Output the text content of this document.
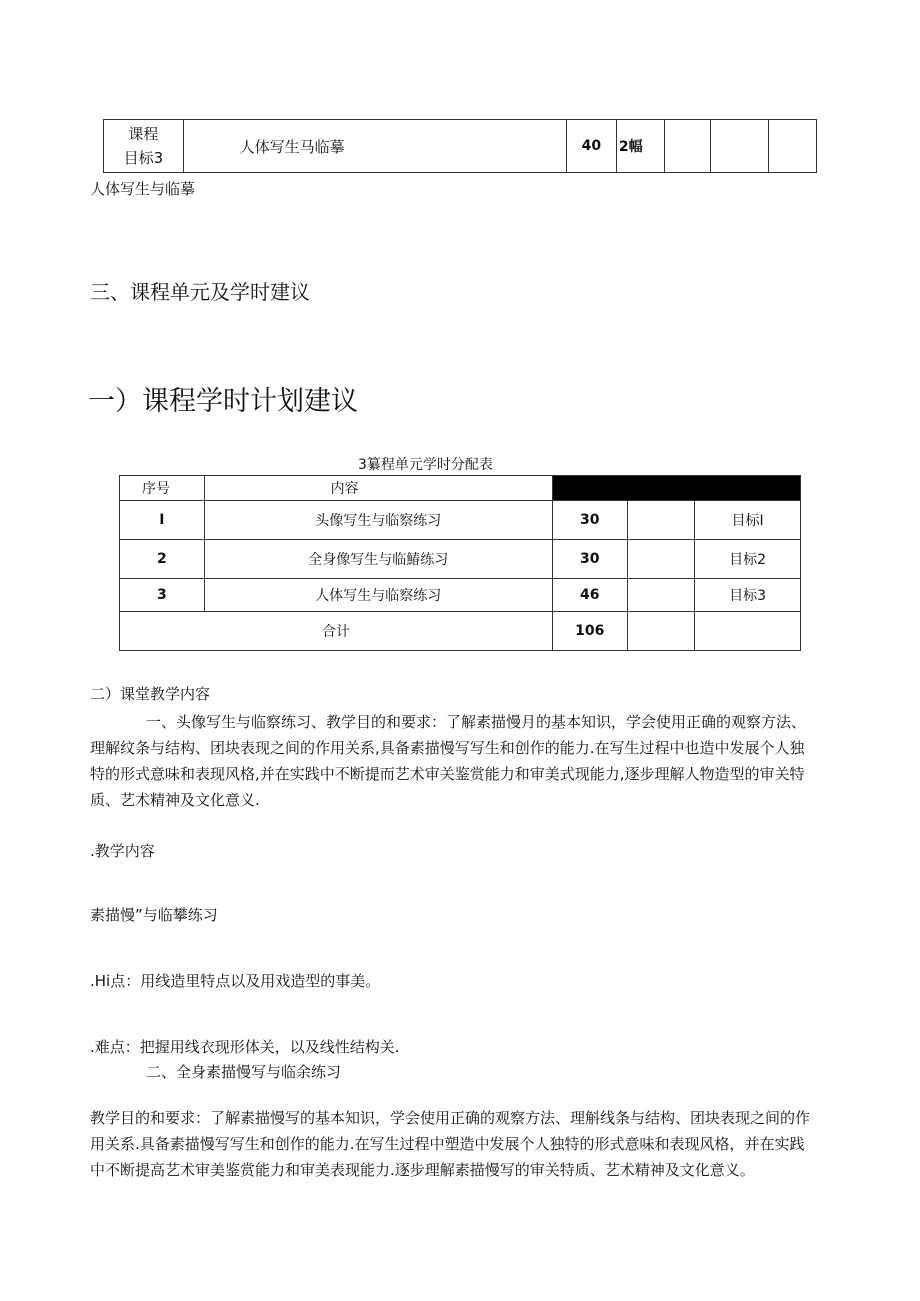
课程
目标3	人体写生马临摹	40	2幅			
人体写生与临摹
三、课程单元及学时建议
一）课程学时计划建议
3纂程单元学时分配表
序号	内容			
I	头像写生与临察练习	30		目标I
2	全身像写生与临鰆练习	30		目标2
3	人体写生与临察练习	46		目标3
合计		106		
二）课堂教学内容
一、头像写生与临察练习、教学目的和要求：了解素描慢月的基本知识，学会使用正确的观察方法、
理解纹条与结构、团块表现之间的作用关系,具备素描慢写写生和创作的能力.在写生过程中也造中发展个人独
特的形式意味和表现风格,并在实践中不断提而艺术审关鉴赏能力和审美式现能力,逐步理解人物造型的审关特
质、艺术精神及文化意义.
.教学内容
素描慢”与临攀练习
.Hi点：用线造里特点以及用戏造型的事美。
.难点：把握用线衣现形体关，以及线性结构关.
二、全身素描慢写与临余练习
教学目的和要求：了解素描慢写的基本知识，学会使用正确的观察方法、理斛线条与结构、团块表现之间的作
用关系.具备素描慢写写生和创作的能力.在写生过程中塑造中发展个人独特的形式意味和表现风格，并在实践
中不断提高艺术审美鉴赏能力和审美表现能力.逐步理解素描慢写的审关特质、艺术精神及文化意义。
